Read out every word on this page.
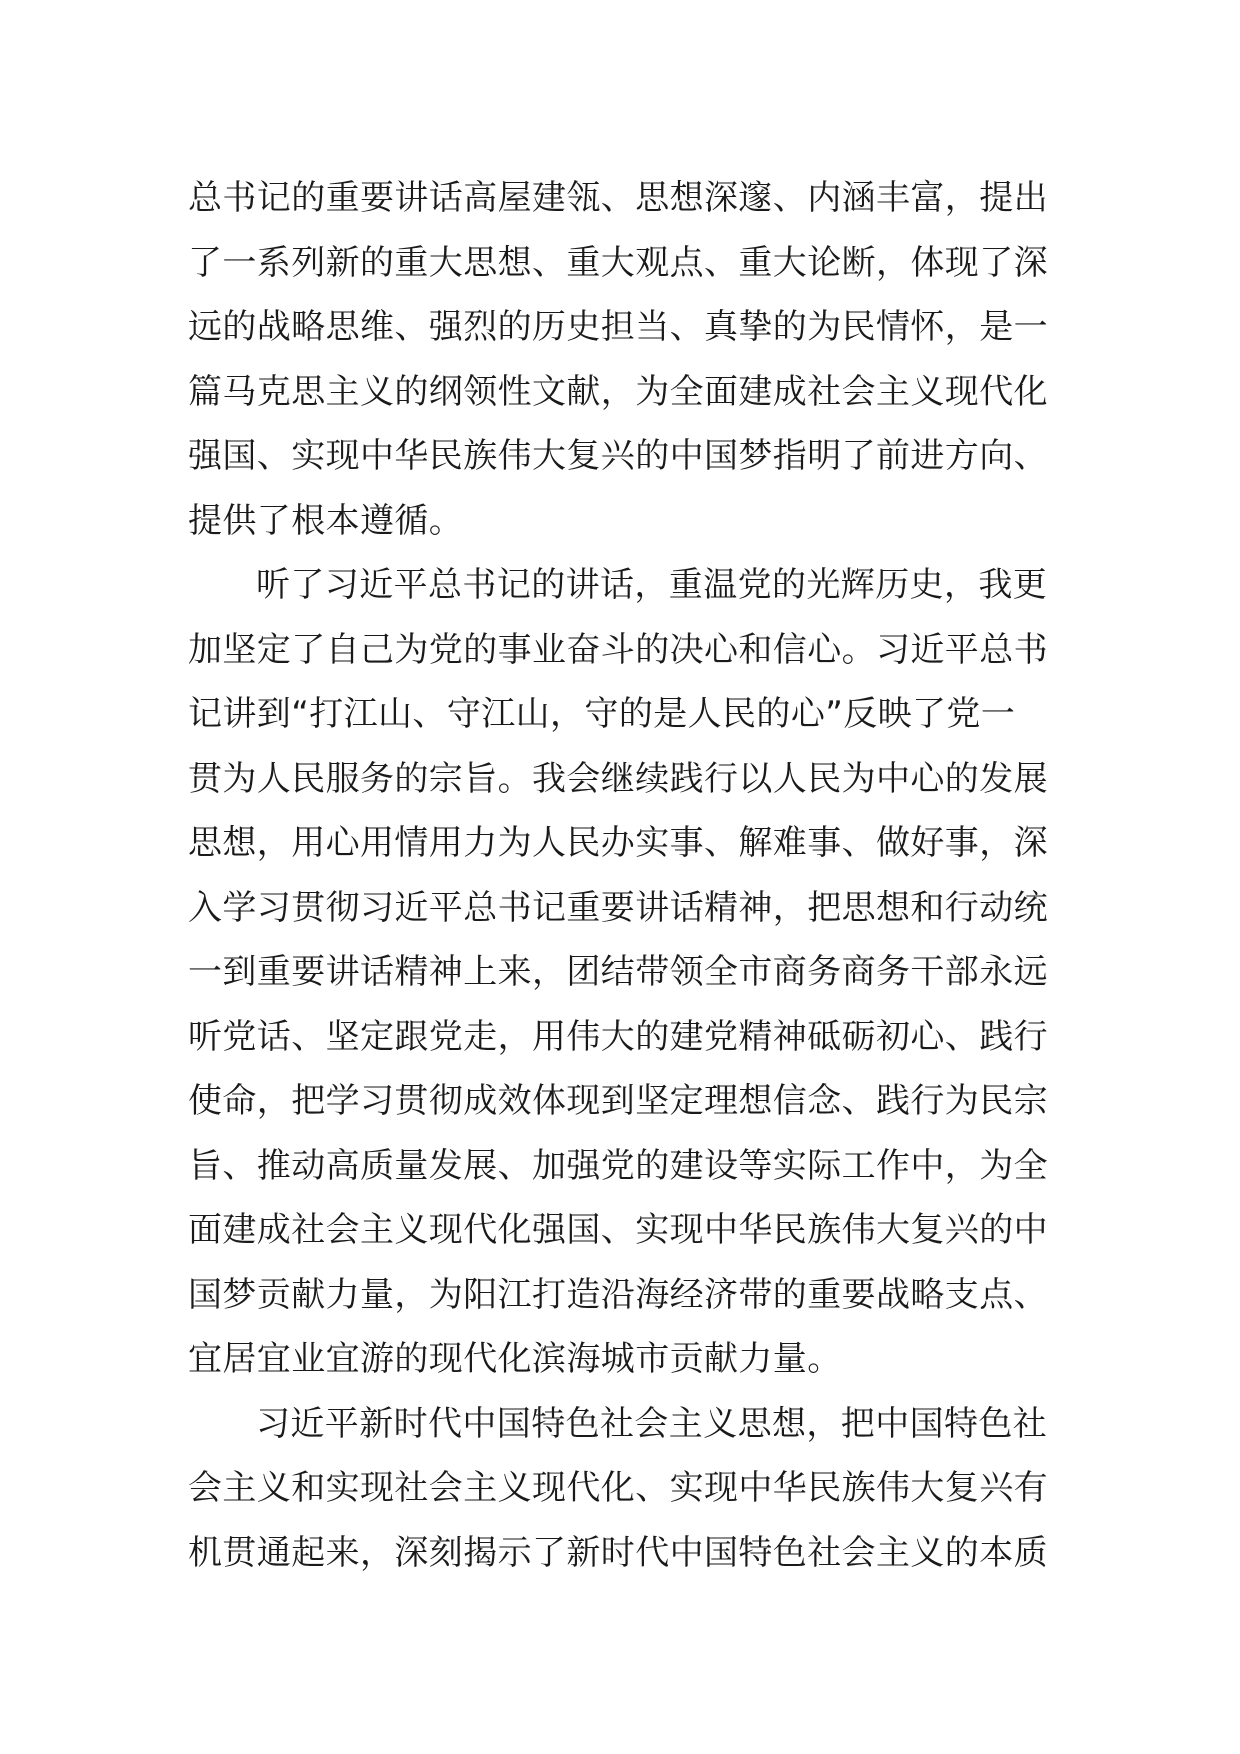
总书记的重要讲话高屋建瓴、思想深邃、内涵丰富，提出
了一系列新的重大思想、重大观点、重大论断，体现了深
远的战略思维、强烈的历史担当、真挚的为民情怀，是一
篇马克思主义的纲领性文献，为全面建成社会主义现代化
强国、实现中华民族伟大复兴的中国梦指明了前进方向、
提供了根本遵循。
听了习近平总书记的讲话，重温党的光辉历史，我更
加坚定了自己为党的事业奋斗的决心和信心。习近平总书
记讲到“打江山、守江山，守的是人民的心”反映了党一
贯为人民服务的宗旨。我会继续践行以人民为中心的发展
思想，用心用情用力为人民办实事、解难事、做好事，深
入学习贯彻习近平总书记重要讲话精神，把思想和行动统
一到重要讲话精神上来，团结带领全市商务商务干部永远
听党话、坚定跟党走，用伟大的建党精神砥砺初心、践行
使命，把学习贯彻成效体现到坚定理想信念、践行为民宗
旨、推动高质量发展、加强党的建设等实际工作中，为全
面建成社会主义现代化强国、实现中华民族伟大复兴的中
国梦贡献力量，为阳江打造沿海经济带的重要战略支点、
宜居宜业宜游的现代化滨海城市贡献力量。
习近平新时代中国特色社会主义思想，把中国特色社
会主义和实现社会主义现代化、实现中华民族伟大复兴有
机贯通起来，深刻揭示了新时代中国特色社会主义的本质
